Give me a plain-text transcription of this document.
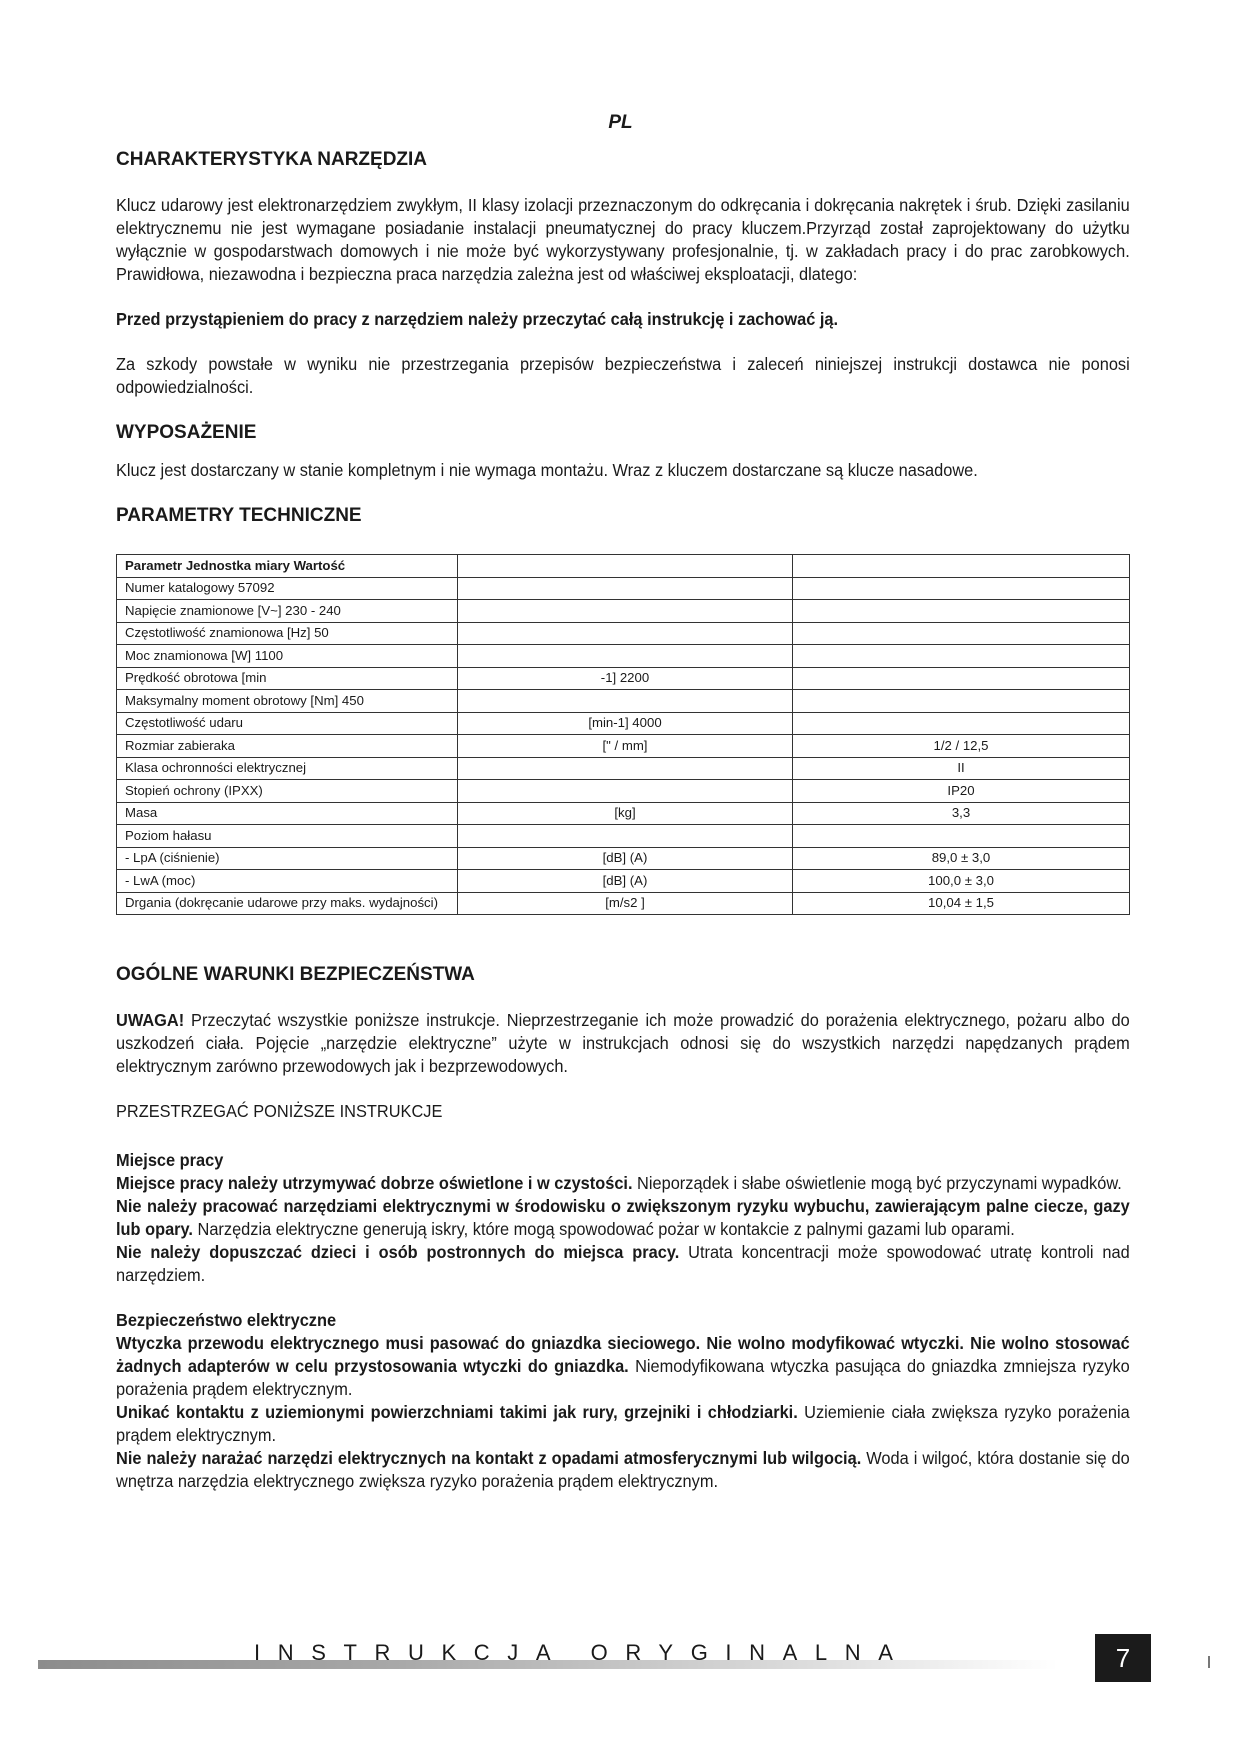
PL
CHARAKTERYSTYKA NARZĘDZIA

Klucz udarowy jest elektronarzędziem zwykłym, II klasy izolacji przeznaczonym do odkręcania i dokręcania nakrętek i śrub. Dzięki zasilaniu elektrycznemu nie jest wymagane posiadanie instalacji pneumatycznej do pracy kluczem.Przyrząd został zaprojektowany do użytku wyłącznie w gospodarstwach domowych i nie może być wykorzystywany profesjonalnie, tj. w zakładach pracy i do prac zarobkowych. Prawidłowa, niezawodna i bezpieczna praca narzędzia zależna jest od właściwej eksploatacji, dlatego:

Przed przystąpieniem do pracy z narzędziem należy przeczytać całą instrukcję i zachować ją.

Za szkody powstałe w wyniku nie przestrzegania przepisów bezpieczeństwa i zaleceń niniejszej instrukcji dostawca nie ponosi odpowiedzialności.

WYPOSAŻENIE

Klucz jest dostarczany w stanie kompletnym i nie wymaga montażu. Wraz z kluczem dostarczane są klucze nasadowe.

PARAMETRY TECHNICZNE
Parametr Jednostka miary Wartość		
Numer katalogowy 57092		
Napięcie znamionowe [V~] 230 - 240		
Częstotliwość znamionowa [Hz] 50		
Moc znamionowa [W] 1100		
Prędkość obrotowa [min	-1] 2200	
Maksymalny moment obrotowy [Nm] 450		
Częstotliwość udaru	[min-1] 4000	
Rozmiar zabieraka	[" / mm]	1/2 / 12,5
Klasa ochronności elektrycznej		II
Stopień ochrony (IPXX)		IP20
Masa	[kg]	3,3
Poziom hałasu		
- LpA (ciśnienie)	[dB] (A)	89,0 ± 3,0
- LwA (moc)	[dB] (A)	100,0 ± 3,0
Drgania (dokręcanie udarowe przy maks. wydajności)	[m/s2 ]	10,04 ± 1,5
OGÓLNE WARUNKI BEZPIECZEŃSTWA

UWAGA! Przeczytać wszystkie poniższe instrukcje. Nieprzestrzeganie ich może prowadzić do porażenia elektrycznego, pożaru albo do uszkodzeń ciała. Pojęcie „narzędzie elektryczne” użyte w instrukcjach odnosi się do wszystkich narzędzi napędzanych prądem elektrycznym zarówno przewodowych jak i bezprzewodowych.

PRZESTRZEGAĆ PONIŻSZE INSTRUKCJE

Miejsce pracy

Miejsce pracy należy utrzymywać dobrze oświetlone i w czystości. Nieporządek i słabe oświetlenie mogą być przyczynami wypadków.

Nie należy pracować narzędziami elektrycznymi w środowisku o zwiększonym ryzyku wybuchu, zawierającym palne ciecze, gazy lub opary. Narzędzia elektryczne generują iskry, które mogą spowodować pożar w kontakcie z palnymi gazami lub oparami.

Nie należy dopuszczać dzieci i osób postronnych do miejsca pracy. Utrata koncentracji może spowodować utratę kontroli nad narzędziem.

Bezpieczeństwo elektryczne

Wtyczka przewodu elektrycznego musi pasować do gniazdka sieciowego. Nie wolno modyfikować wtyczki. Nie wolno stosować żadnych adapterów w celu przystosowania wtyczki do gniazdka. Niemodyfikowana wtyczka pasująca do gniazdka zmniejsza ryzyko porażenia prądem elektrycznym.

Unikać kontaktu z uziemionymi powierzchniami takimi jak rury, grzejniki i chłodziarki. Uziemienie ciała zwiększa ryzyko porażenia prądem elektrycznym.

Nie należy narażać narzędzi elektrycznych na kontakt z opadami atmosferycznymi lub wilgocią. Woda i wilgoć, która dostanie się do wnętrza narzędzia elektrycznego zwiększa ryzyko porażenia prądem elektrycznym.

INSTRUKCJA ORYGINALNA	7
